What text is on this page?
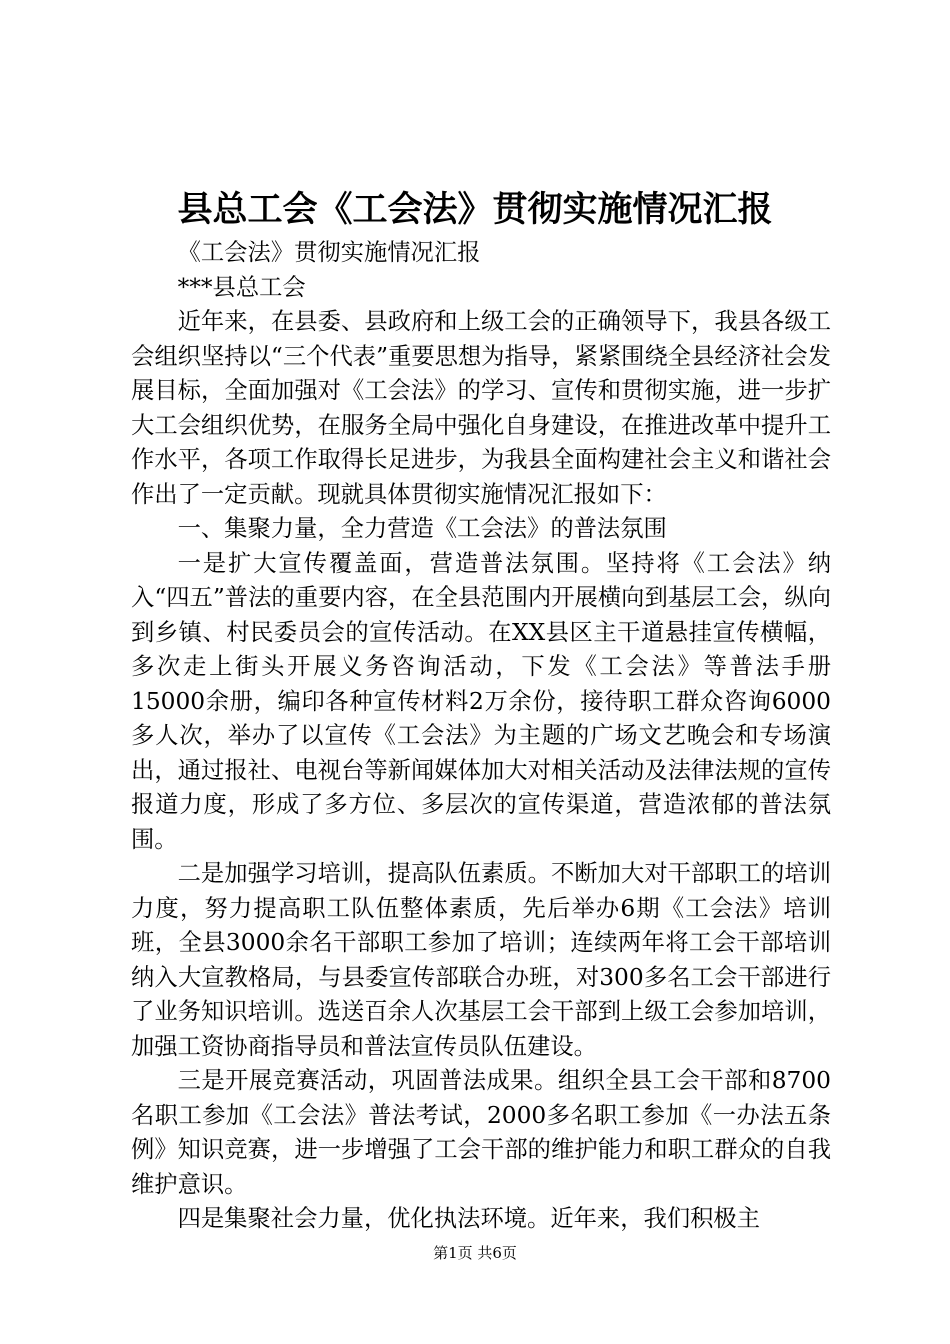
县总工会《工会法》贯彻实施情况汇报

《工会法》贯彻实施情况汇报

***县总工会

近年来，在县委、县政府和上级工会的正确领导下，我县各级工会组织坚持以“三个代表”重要思想为指导，紧紧围绕全县经济社会发展目标，全面加强对《工会法》的学习、宣传和贯彻实施，进一步扩大工会组织优势，在服务全局中强化自身建设，在推进改革中提升工作水平，各项工作取得长足进步，为我县全面构建社会主义和谐社会作出了一定贡献。现就具体贯彻实施情况汇报如下：

一、集聚力量，全力营造《工会法》的普法氛围

一是扩大宣传覆盖面，营造普法氛围。坚持将《工会法》纳入“四五”普法的重要内容，在全县范围内开展横向到基层工会，纵向到乡镇、村民委员会的宣传活动。在XX县区主干道悬挂宣传横幅，多次走上街头开展义务咨询活动，下发《工会法》等普法手册15000余册，编印各种宣传材料2万余份，接待职工群众咨询6000多人次，举办了以宣传《工会法》为主题的广场文艺晚会和专场演出，通过报社、电视台等新闻媒体加大对相关活动及法律法规的宣传报道力度，形成了多方位、多层次的宣传渠道，营造浓郁的普法氛围。

二是加强学习培训，提高队伍素质。不断加大对干部职工的培训力度，努力提高职工队伍整体素质，先后举办6期《工会法》培训班，全县3000余名干部职工参加了培训；连续两年将工会干部培训纳入大宣教格局，与县委宣传部联合办班，对300多名工会干部进行了业务知识培训。选送百余人次基层工会干部到上级工会参加培训，加强工资协商指导员和普法宣传员队伍建设。

三是开展竞赛活动，巩固普法成果。组织全县工会干部和8700名职工参加《工会法》普法考试，2000多名职工参加《一办法五条例》知识竞赛，进一步增强了工会干部的维护能力和职工群众的自我维护意识。

四是集聚社会力量，优化执法环境。近年来，我们积极主

第1页 共6页
